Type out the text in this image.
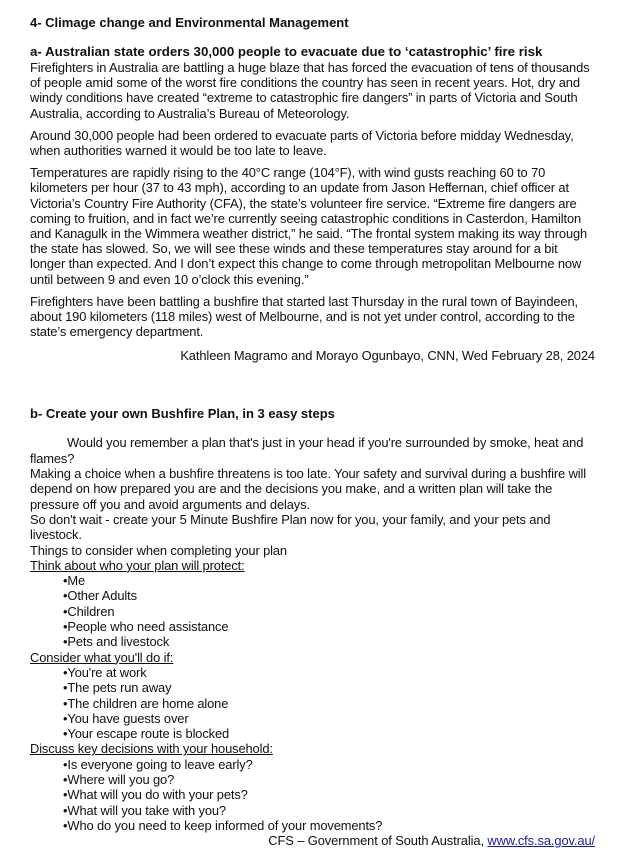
4- Climage change and Environmental Management
a- Australian state orders 30,000 people to evacuate due to ‘catastrophic’ fire risk

Firefighters in Australia are battling a huge blaze that has forced the evacuation of tens of thousands of people amid some of the worst fire conditions the country has seen in recent years. Hot, dry and windy conditions have created “extreme to catastrophic fire dangers” in parts of Victoria and South Australia, according to Australia’s Bureau of Meteorology.

Around 30,000 people had been ordered to evacuate parts of Victoria before midday Wednesday, when authorities warned it would be too late to leave.

Temperatures are rapidly rising to the 40°C range (104°F), with wind gusts reaching 60 to 70 kilometers per hour (37 to 43 mph), according to an update from Jason Heffernan, chief officer at Victoria’s Country Fire Authority (CFA), the state’s volunteer fire service. “Extreme fire dangers are coming to fruition, and in fact we’re currently seeing catastrophic conditions in Casterdon, Hamilton and Kanagulk in the Wimmera weather district,” he said. “The frontal system making its way through the state has slowed. So, we will see these winds and these temperatures stay around for a bit longer than expected. And I don’t expect this change to come through metropolitan Melbourne now until between 9 and even 10 o’clock this evening.”

Firefighters have been battling a bushfire that started last Thursday in the rural town of Bayindeen, about 190 kilometers (118 miles) west of Melbourne, and is not yet under control, according to the state’s emergency department.

Kathleen Magramo and Morayo Ogunbayo, CNN, Wed February 28, 2024

b- Create your own Bushfire Plan, in 3 easy steps

Would you remember a plan that's just in your head if you're surrounded by smoke, heat and flames?

Making a choice when a bushfire threatens is too late. Your safety and survival during a bushfire will depend on how prepared you are and the decisions you make, and a written plan will take the pressure off you and avoid arguments and delays.

So don't wait - create your 5 Minute Bushfire Plan now for you, your family, and your pets and livestock.

Things to consider when completing your plan

Think about who your plan will protect:

• Me
• Other Adults
• Children
• People who need assistance
• Pets and livestock

Consider what you'll do if:

• You're at work
• The pets run away
• The children are home alone
• You have guests over
• Your escape route is blocked

Discuss key decisions with your household:

• Is everyone going to leave early?
• Where will you go?
• What will you do with your pets?
• What will you take with you?
• Who do you need to keep informed of your movements?

CFS – Government of South Australia, www.cfs.sa.gov.au/
